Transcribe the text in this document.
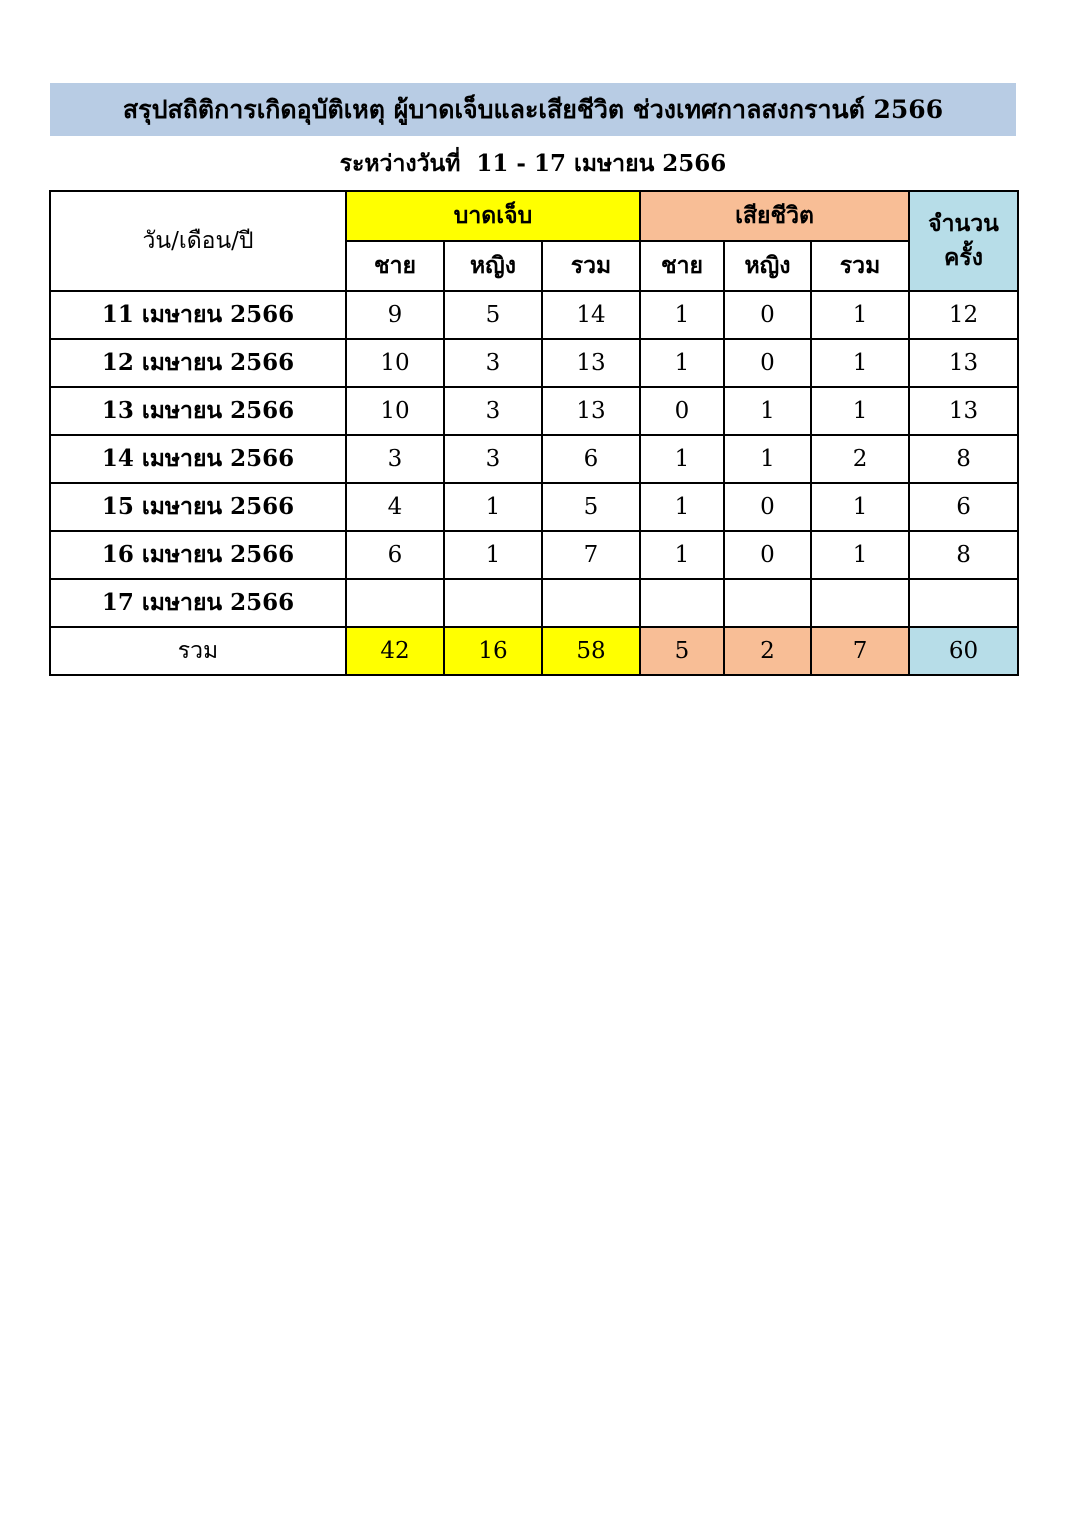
สรุปสถิติการเกิดอุบัติเหตุ ผู้บาดเจ็บและเสียชีวิต ช่วงเทศกาลสงกรานต์ 2566
ระหว่างวันที่  11 - 17 เมษายน 2566
วัน/เดือน/ปี	บาดเจ็บ			เสียชีวิต			จำนวน
ครั้ง
	ชาย	หญิง	รวม	ชาย	หญิง	รวม	
11 เมษายน 2566	9	5	14	1	0	1	12
12 เมษายน 2566	10	3	13	1	0	1	13
13 เมษายน 2566	10	3	13	0	1	1	13
14 เมษายน 2566	3	3	6	1	1	2	8
15 เมษายน 2566	4	1	5	1	0	1	6
16 เมษายน 2566	6	1	7	1	0	1	8
17 เมษายน 2566							
รวม	42	16	58	5	2	7	60
